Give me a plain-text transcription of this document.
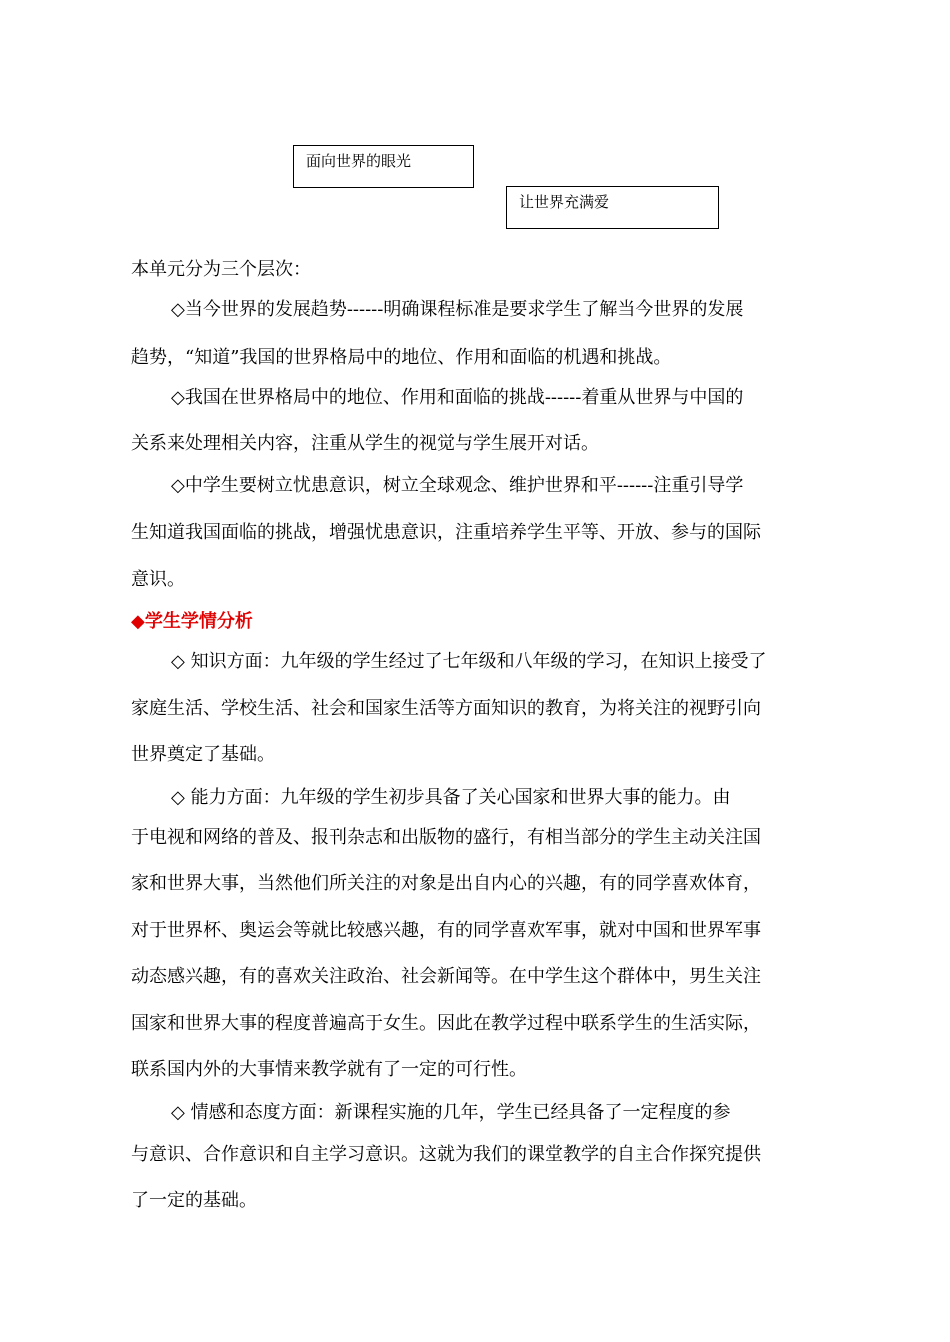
面向世界的眼光
让世界充满爱
本单元分为三个层次：
◇当今世界的发展趋势------明确课程标准是要求学生了解当今世界的发展
趋势，“知道”我国的世界格局中的地位、作用和面临的机遇和挑战。
◇我国在世界格局中的地位、作用和面临的挑战------着重从世界与中国的
关系来处理相关内容，注重从学生的视觉与学生展开对话。
◇中学生要树立忧患意识，树立全球观念、维护世界和平------注重引导学
生知道我国面临的挑战，增强忧患意识，注重培养学生平等、开放、参与的国际
意识。
◆学生学情分析
◇ 知识方面：九年级的学生经过了七年级和八年级的学习，在知识上接受了
家庭生活、学校生活、社会和国家生活等方面知识的教育，为将关注的视野引向
世界奠定了基础。
◇ 能力方面：九年级的学生初步具备了关心国家和世界大事的能力。由
于电视和网络的普及、报刊杂志和出版物的盛行，有相当部分的学生主动关注国
家和世界大事，当然他们所关注的对象是出自内心的兴趣，有的同学喜欢体育，
对于世界杯、奥运会等就比较感兴趣，有的同学喜欢军事，就对中国和世界军事
动态感兴趣，有的喜欢关注政治、社会新闻等。在中学生这个群体中，男生关注
国家和世界大事的程度普遍高于女生。因此在教学过程中联系学生的生活实际，
联系国内外的大事情来教学就有了一定的可行性。
◇ 情感和态度方面：新课程实施的几年，学生已经具备了一定程度的参
与意识、合作意识和自主学习意识。这就为我们的课堂教学的自主合作探究提供
了一定的基础。
